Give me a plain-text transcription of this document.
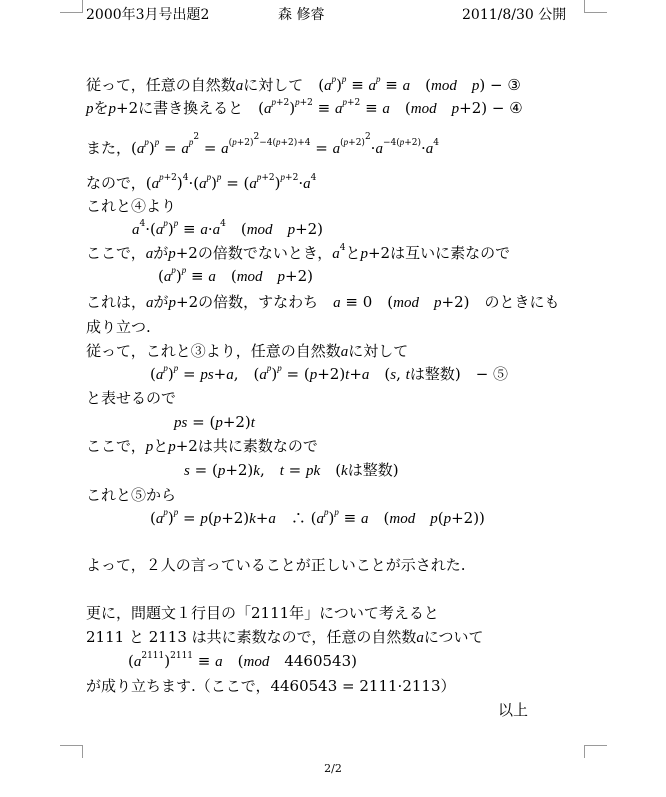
2000年3月号出題2	森 修睿	2011/8/30 公開
従って，任意の自然数aに対して　$(a^p)^p \equiv a^p \equiv a$　(mod　 p) − ③
pをp+2に書き換えると　$(a^{p+2})^{p+2} \equiv a^{p+2} \equiv a$　(mod　 p+2) − ④
また，$(a^p)^p = a^{p^2} = a^{(p+2)^2-4(p+2)+4} = a^{(p+2)^2}\cdot a^{-4(p+2)}\cdot a^4$
なので，$(a^{p+2})^4\cdot(a^p)^p = (a^{p+2})^{p+2}\cdot a^4$
これと④より
$a^4\cdot(a^p)^p \equiv a\cdot a^4$　(mod　 p+2)
ここで，aがp+2の倍数でないとき，$a^4$とp+2は互いに素なので
$(a^p)^p \equiv a$　(mod　 p+2)
これは，aがp+2の倍数，すなわち　a ≡ 0　(mod　 p+2)　のときにも
成り立つ.
従って，これと③より，任意の自然数aに対して
$(a^p)^p = ps+a$,　$(a^p)^p = (p+2)t+a$　(s, tは整数)　− ⑤
と表せるので
ps = (p+2)t
ここで，pとp+2は共に素数なので
s = (p+2)k,　t = pk　(kは整数)
これと⑤から
$(a^p)^p = p(p+2)k+a$　∴ $(a^p)^p \equiv a$　(mod　 p(p+2))
よって，２人の言っていることが正しいことが示された.
更に，問題文１行目の「2111年」について考えると
2111 と 2113 は共に素数なので，任意の自然数aについて
$(a^{2111})^{2111} \equiv a$　(mod　4460543)
が成り立ちます.（ここで，4460543 = 2111·2113）
以上
2/2
